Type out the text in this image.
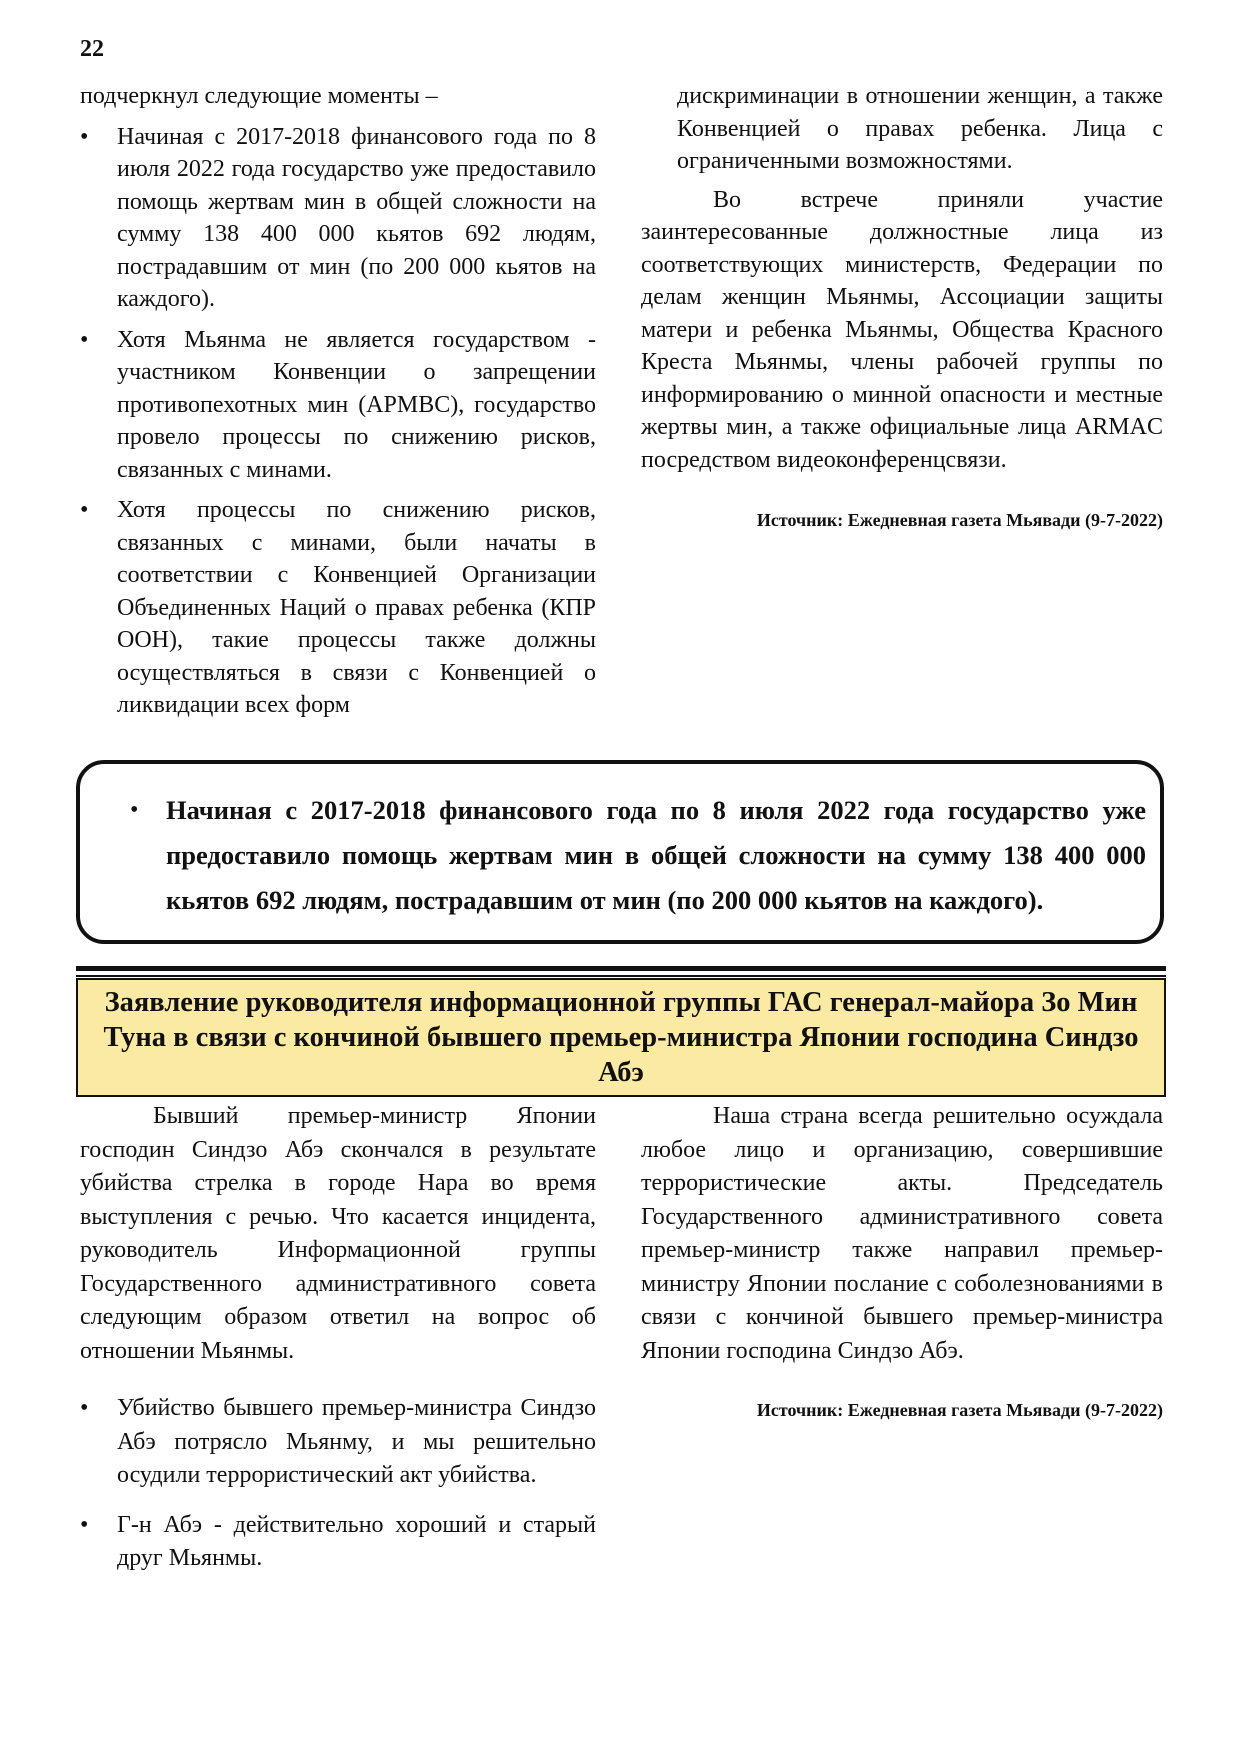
22

подчеркнул следующие моменты –

• Начиная с 2017-2018 финансового года по 8 июля 2022 года государство уже предоставило помощь жертвам мин в общей сложности на сумму 138 400 000 кьятов 692 людям, пострадавшим от мин (по 200 000 кьятов на каждого).
• Хотя Мьянма не является государством - участником Конвенции о запрещении противопехотных мин (APMBC), государство провело процессы по снижению рисков, связанных с минами.
• Хотя процессы по снижению рисков, связанных с минами, были начаты в соответствии с Конвенцией Организации Объединенных Наций о правах ребенка (КПР ООН), такие процессы также должны осуществляться в связи с Конвенцией о ликвидации всех форм

дискриминации в отношении женщин, а также Конвенцией о правах ребенка. Лица с ограниченными возможностями.

Во встрече приняли участие заинтересованные должностные лица из соответствующих министерств, Федерации по делам женщин Мьянмы, Ассоциации защиты матери и ребенка Мьянмы, Общества Красного Креста Мьянмы, члены рабочей группы по информированию о минной опасности и местные жертвы мин, а также официальные лица ARMAC посредством видеоконференцсвязи.

Источник: Ежедневная газета Мьявади (9-7-2022)

• Начиная с 2017-2018 финансового года по 8 июля 2022 года государство уже предоставило помощь жертвам мин в общей сложности на сумму 138 400 000 кьятов 692 людям, пострадавшим от мин (по 200 000 кьятов на каждого).
Заявление руководителя информационной группы ГАС генерал-майора Зо Мин Туна в связи с кончиной бывшего премьер-министра Японии господина Синдзо Абэ

Бывший премьер-министр Японии господин Синдзо Абэ скончался в результате убийства стрелка в городе Нара во время выступления с речью. Что касается инцидента, руководитель Информационной группы Государственного административного совета следующим образом ответил на вопрос об отношении Мьянмы.

• Убийство бывшего премьер-министра Синдзо Абэ потрясло Мьянму, и мы решительно осудили террористический акт убийства.
• Г-н Абэ - действительно хороший и старый друг Мьянмы.

Наша страна всегда решительно осуждала любое лицо и организацию, совершившие террористические акты. Председатель Государственного административного совета премьер-министр также направил премьер-министру Японии послание с соболезнованиями в связи с кончиной бывшего премьер-министра Японии господина Синдзо Абэ.

Источник: Ежедневная газета Мьявади (9-7-2022)
